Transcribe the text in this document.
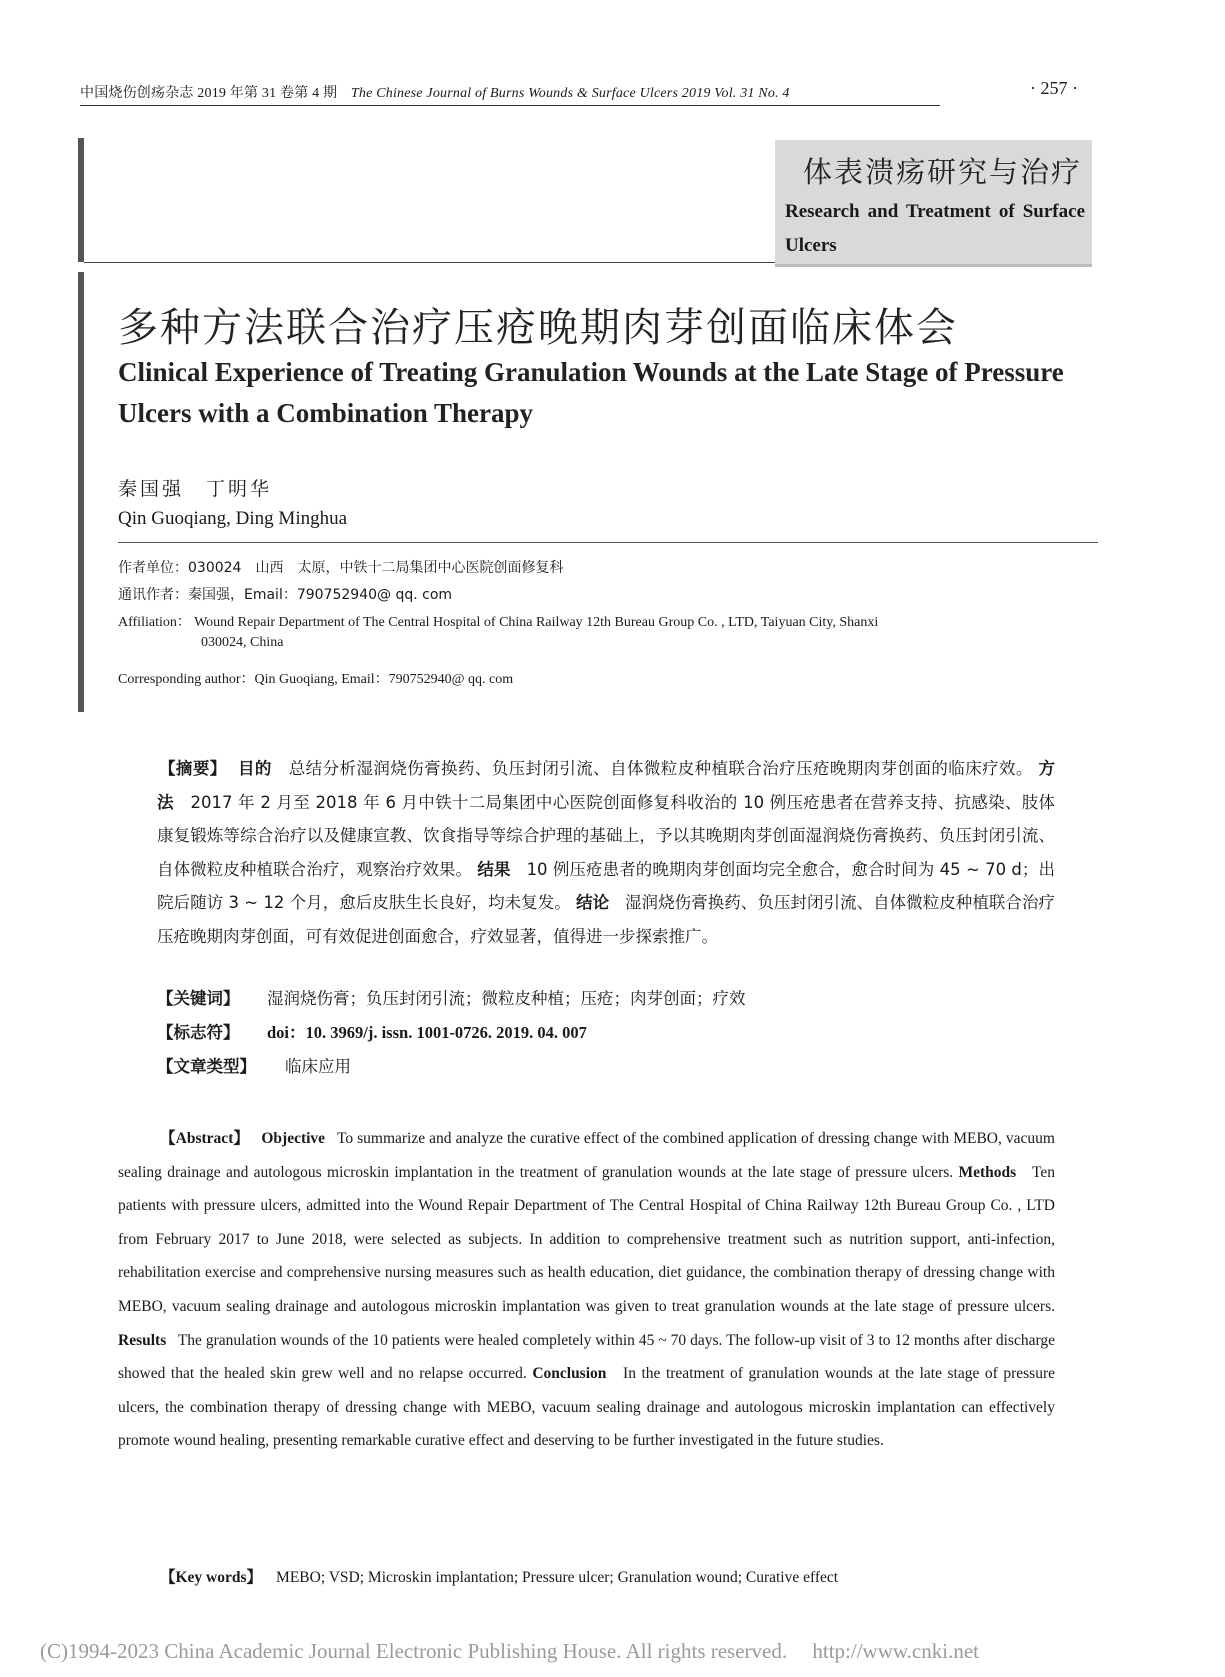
中国烧伤创疡杂志 2019 年第 31 卷第 4 期 The Chinese Journal of Burns Wounds & Surface Ulcers 2019 Vol. 31 No. 4	· 257 ·
体表溃疡研究与治疗
Research and Treatment of Surface Ulcers
多种方法联合治疗压疮晚期肉芽创面临床体会
Clinical Experience of Treating Granulation Wounds at the Late Stage of Pressure Ulcers with a Combination Therapy
秦国强　丁明华
Qin Guoqiang, Ding Minghua
作者单位：030024　山西　太原，中铁十二局集团中心医院创面修复科
通讯作者：秦国强，Email：790752940@ qq. com
Affiliation： Wound Repair Department of The Central Hospital of China Railway 12th Bureau Group Co. , LTD, Taiyuan City, Shanxi
030024, China
Corresponding author：Qin Guoqiang, Email：790752940@ qq. com
【摘要】 目的 总结分析湿润烧伤膏换药、负压封闭引流、自体微粒皮种植联合治疗压疮晚期肉芽创面的临床疗效。 方法 2017 年 2 月至 2018 年 6 月中铁十二局集团中心医院创面修复科收治的 10 例压疮患者在营养支持、抗感染、肢体康复锻炼等综合治疗以及健康宣教、饮食指导等综合护理的基础上，予以其晚期肉芽创面湿润烧伤膏换药、负压封闭引流、自体微粒皮种植联合治疗，观察治疗效果。 结果 10 例压疮患者的晚期肉芽创面均完全愈合，愈合时间为 45 ~ 70 d；出院后随访 3 ~ 12 个月，愈后皮肤生长良好，均未复发。 结论 湿润烧伤膏换药、负压封闭引流、自体微粒皮种植联合治疗压疮晚期肉芽创面，可有效促进创面愈合，疗效显著，值得进一步探索推广。
【关键词】 湿润烧伤膏；负压封闭引流；微粒皮种植；压疮；肉芽创面；疗效
【标志符】 doi：10. 3969/j. issn. 1001-0726. 2019. 04. 007
【文章类型】 临床应用
【Abstract】 Objective To summarize and analyze the curative effect of the combined application of dressing change with MEBO, vacuum sealing drainage and autologous microskin implantation in the treatment of granulation wounds at the late stage of pressure ulcers. Methods Ten patients with pressure ulcers, admitted into the Wound Repair Department of The Central Hospital of China Railway 12th Bureau Group Co. , LTD from February 2017 to June 2018, were selected as subjects. In addition to comprehensive treatment such as nutrition support, anti-infection, rehabilitation exercise and comprehensive nursing measures such as health education, diet guidance, the combination therapy of dressing change with MEBO, vacuum sealing drainage and autologous microskin implantation was given to treat granulation wounds at the late stage of pressure ulcers. Results The granulation wounds of the 10 patients were healed completely within 45 ~ 70 days. The follow-up visit of 3 to 12 months after discharge showed that the healed skin grew well and no relapse occurred. Conclusion In the treatment of granulation wounds at the late stage of pressure ulcers, the combination therapy of dressing change with MEBO, vacuum sealing drainage and autologous microskin implantation can effectively promote wound healing, presenting remarkable curative effect and deserving to be further investigated in the future studies.
【Key words】 MEBO; VSD; Microskin implantation; Pressure ulcer; Granulation wound; Curative effect
(C)1994-2023 China Academic Journal Electronic Publishing House. All rights reserved. http://www.cnki.net
